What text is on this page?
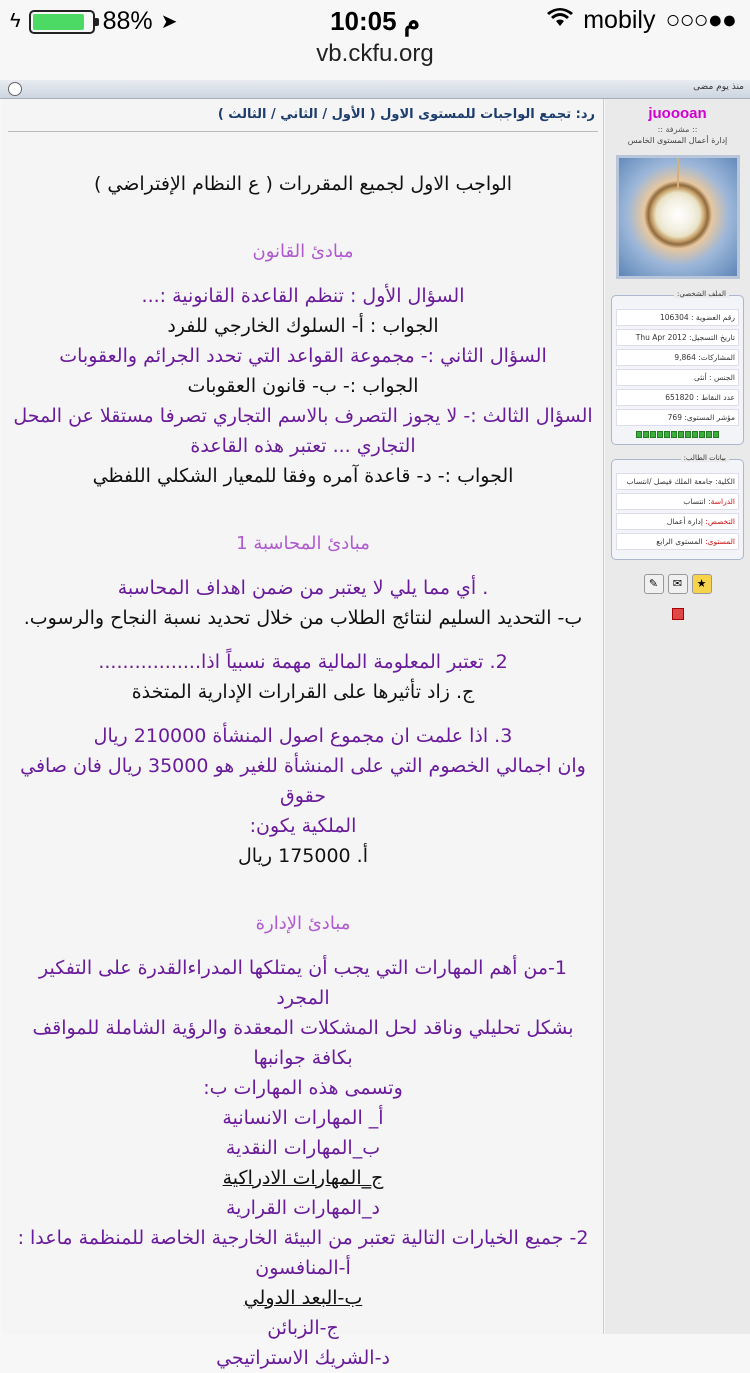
ϟ	88% ➤	10:05 م	mobily ○○○●●
vb.ckfu.org
منذ يوم مضى
رد: تجمع الواجبات للمستوى الاول ( الأول / الثاني / الثالث )
الواجب الاول لجميع المقررات ( ع النظام الإفتراضي )
مبادئ القانون
السؤال الأول : تنظم القاعدة القانونية :...
الجواب : أ- السلوك الخارجي للفرد
السؤال الثاني :- مجموعة القواعد التي تحدد الجرائم والعقوبات
الجواب :- ب- قانون العقوبات
السؤال الثالث :- لا يجوز التصرف بالاسم التجاري تصرفا مستقلا عن المحل
التجاري ... تعتبر هذه القاعدة
الجواب :- د- قاعدة آمره وفقا للمعيار الشكلي اللفظي
مبادئ المحاسبة 1
. أي مما يلي لا يعتبر من ضمن اهداف المحاسبة
ب- التحديد السليم لنتائج الطلاب من خلال تحديد نسبة النجاح والرسوب.
2. تعتبر المعلومة المالية مهمة نسبياً اذا.................
ج. زاد تأثيرها على القرارات الإدارية المتخذة
3. اذا علمت ان مجموع اصول المنشأة 210000 ريال
وان اجمالي الخصوم التي على المنشأة للغير هو 35000 ريال فان صافي حقوق
الملكية يكون:
أ. 175000 ريال
مبادئ الإدارة
1-من أهم المهارات التي يجب أن يمتلكها المدراءالقدرة على التفكير المجرد
بشكل تحليلي وناقد لحل المشكلات المعقدة والرؤية الشاملة للمواقف بكافة جوانبها
وتسمى هذه المهارات ب:
أ_ المهارات الانسانية
ب_المهارات النقدية
ج_المهارات الادراكية
د_المهارات القرارية
2- جميع الخيارات التالية تعتبر من البيئة الخارجية الخاصة للمنظمة ماعدا :
أ-المنافسون
ب-البعد الدولي
ج-الزبائن
د-الشريك الاستراتيجي
juoooan
:: مشرفة ::
إدارة أعمال المستوى الخامس
الملف الشخصي:
رقم العضوية : 106304
تاريخ التسجيل: Thu Apr 2012
المشاركات: 9,864
الجنس : أنثى
عدد النقاط : 651820
مؤشر المستوى: 769
بيانات الطالب:
الكلية: جامعة الملك فيصل /انتساب
الدراسة: انتساب
التخصص: إدارة أعمال
المستوى: المستوى الرابع
✎	✉	★
